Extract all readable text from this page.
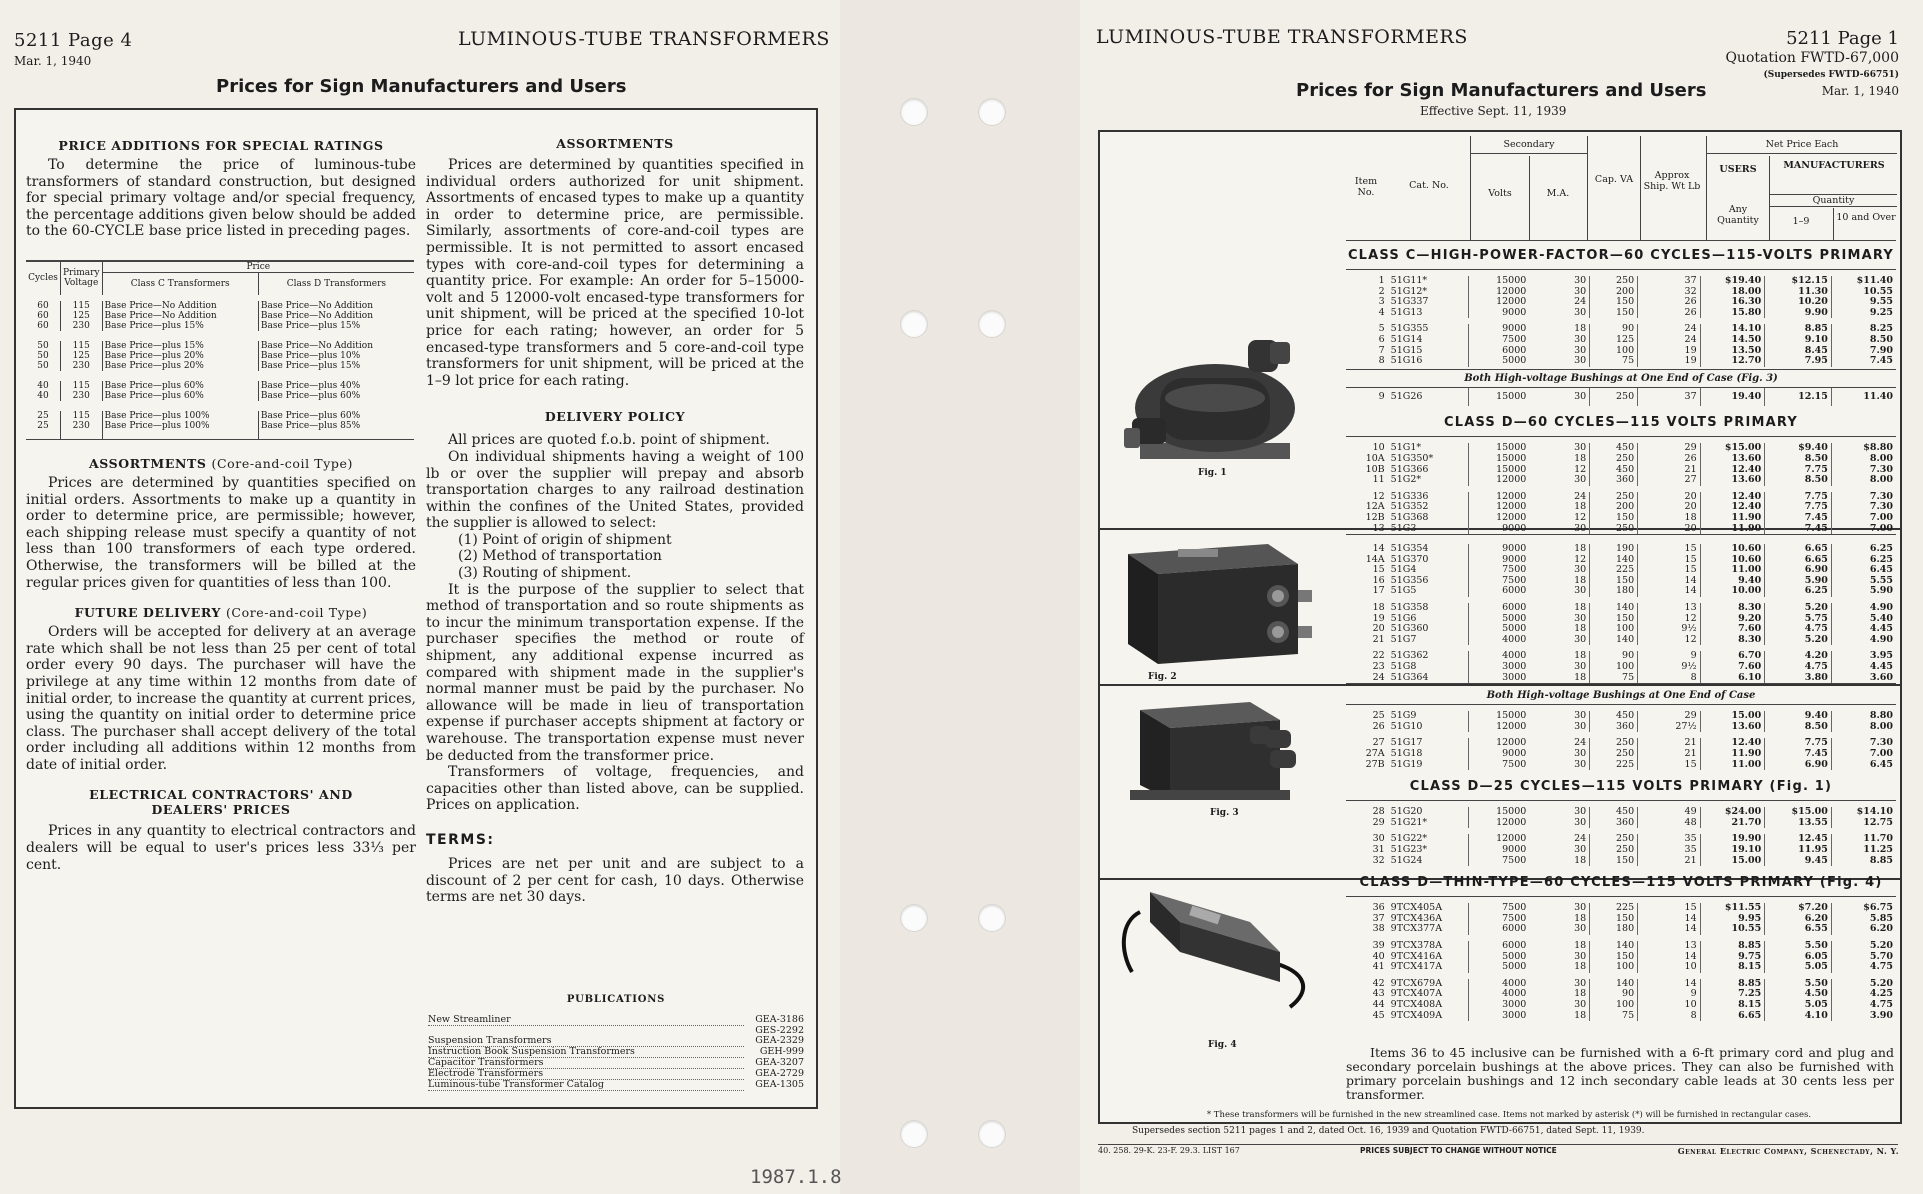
5211 Page 4
Mar. 1, 1940
LUMINOUS-TUBE TRANSFORMERS
Prices for Sign Manufacturers and Users
PRICE ADDITIONS FOR SPECIAL RATINGS

To determine the price of luminous-tube transformers of standard construction, but designed for special primary voltage and/or special frequency, the percentage additions given below should be added to the 60-CYCLE base price listed in preceding pages.

Cycles	Primary Voltage	Price	
		Class C Transformers	Class D Transformers
60	115	Base Price—No Addition	Base Price—No Addition
60	125	Base Price—No Addition	Base Price—No Addition
60	230	Base Price—plus 15%	Base Price—plus 15%
50	115	Base Price—plus 15%	Base Price—No Addition
50	125	Base Price—plus 20%	Base Price—plus 10%
50	230	Base Price—plus 20%	Base Price—plus 15%
40	115	Base Price—plus 60%	Base Price—plus 40%
40	230	Base Price—plus 60%	Base Price—plus 60%
25	115	Base Price—plus 100%	Base Price—plus 60%
25	230	Base Price—plus 100%	Base Price—plus 85%

ASSORTMENTS (Core-and-coil Type)

Prices are determined by quantities specified on initial orders. Assortments to make up a quantity in order to determine price, are permissible; however, each shipping release must specify a quantity of not less than 100 transformers of each type ordered. Otherwise, the transformers will be billed at the regular prices given for quantities of less than 100.

FUTURE DELIVERY (Core-and-coil Type)

Orders will be accepted for delivery at an average rate which shall be not less than 25 per cent of total order every 90 days. The purchaser will have the privilege at any time within 12 months from date of initial order, to increase the quantity at current prices, using the quantity on initial order to determine price class. The purchaser shall accept delivery of the total order including all additions within 12 months from date of initial order.

ELECTRICAL CONTRACTORS' AND DEALERS' PRICES

Prices in any quantity to electrical contractors and dealers will be equal to user's prices less 33⅓ per cent.

ASSORTMENTS

Prices are determined by quantities specified in individual orders authorized for unit shipment. Assortments of encased types to make up a quantity in order to determine price, are permissible. Similarly, assortments of core-and-coil types are permissible. It is not permitted to assort encased types with core-and-coil types for determining a quantity price. For example: An order for 5–15000-volt and 5 12000-volt encased-type transformers for unit shipment, will be priced at the specified 10-lot price for each rating; however, an order for 5 encased-type transformers and 5 core-and-coil type transformers for unit shipment, will be priced at the 1–9 lot price for each rating.

DELIVERY POLICY

All prices are quoted f.o.b. point of shipment.

On individual shipments having a weight of 100 lb or over the supplier will prepay and absorb transportation charges to any railroad destination within the confines of the United States, provided the supplier is allowed to select:

(1) Point of origin of shipment
(2) Method of transportation
(3) Routing of shipment.

It is the purpose of the supplier to select that method of transportation and so route shipments as to incur the minimum transportation expense. If the purchaser specifies the method or route of shipment, any additional expense incurred as compared with shipment made in the supplier's normal manner must be paid by the purchaser. No allowance will be made in lieu of transportation expense if purchaser accepts shipment at factory or warehouse. The transportation expense must never be deducted from the transformer price.

Transformers of voltage, frequencies, and capacities other than listed above, can be supplied. Prices on application.

TERMS:

Prices are net per unit and are subject to a discount of 2 per cent for cash, 10 days. Otherwise terms are net 30 days.

PUBLICATIONS
New Streamliner	GEA-3186
	GES-2292
Suspension Transformers	GEA-2329
Instruction Book Suspension Transformers	GEH-999
Capacitor Transformers	GEA-3207
Electrode Transformers	GEA-2729
Luminous-tube Transformer Catalog	GEA-1305
1987.1.8
LUMINOUS-TUBE TRANSFORMERS	5211 Page 1
Quotation FWTD-67,000
(Supersedes FWTD-66751)
Mar. 1, 1940
Prices for Sign Manufacturers and Users
Effective Sept. 11, 1939
Item No.
Cat. No.
Secondary
Volts	M.A.
Cap. VA	Approx Ship. Wt Lb
Net Price Each
USERS
Any Quantity
MANUFACTURERS
Quantity
1–9	10 and Over
Fig. 1
Fig. 2
Fig. 3
Fig. 4
CLASS C—HIGH-POWER-FACTOR—60 CYCLES—115-VOLTS PRIMARY
1	51G11*	15000	30	250	37	$19.40	$12.15	$11.40
2	51G12*	12000	30	200	32	18.00	11.30	10.55
3	51G337	12000	24	150	26	16.30	10.20	9.55
4	51G13	9000	30	150	26	15.80	9.90	9.25
5	51G355	9000	18	90	24	14.10	8.85	8.25
6	51G14	7500	30	125	24	14.50	9.10	8.50
7	51G15	6000	30	100	19	13.50	8.45	7.90
8	51G16	5000	30	75	19	12.70	7.95	7.45
Both High-voltage Bushings at One End of Case (Fig. 3)
9	51G26	15000	30	250	37	19.40	12.15	11.40
CLASS D—60 CYCLES—115 VOLTS PRIMARY
10	51G1*	15000	30	450	29	$15.00	$9.40	$8.80
10A	51G350*	15000	18	250	26	13.60	8.50	8.00
10B	51G366	15000	12	450	21	12.40	7.75	7.30
11	51G2*	12000	30	360	27	13.60	8.50	8.00
12	51G336	12000	24	250	20	12.40	7.75	7.30
12A	51G352	12000	18	200	20	12.40	7.75	7.30
12B	51G368	12000	12	150	18	11.90	7.45	7.00
13	51G3	9000	30	250	20	11.90	7.45	7.00
14	51G354	9000	18	190	15	10.60	6.65	6.25
14A	51G370	9000	12	140	15	10.60	6.65	6.25
15	51G4	7500	30	225	15	11.00	6.90	6.45
16	51G356	7500	18	150	14	9.40	5.90	5.55
17	51G5	6000	30	180	14	10.00	6.25	5.90
18	51G358	6000	18	140	13	8.30	5.20	4.90
19	51G6	5000	30	150	12	9.20	5.75	5.40
20	51G360	5000	18	100	9½	7.60	4.75	4.45
21	51G7	4000	30	140	12	8.30	5.20	4.90
22	51G362	4000	18	90	9	6.70	4.20	3.95
23	51G8	3000	30	100	9½	7.60	4.75	4.45
24	51G364	3000	18	75	8	6.10	3.80	3.60
Both High-voltage Bushings at One End of Case
25	51G9	15000	30	450	29	15.00	9.40	8.80
26	51G10	12000	30	360	27½	13.60	8.50	8.00
27	51G17	12000	24	250	21	12.40	7.75	7.30
27A	51G18	9000	30	250	21	11.90	7.45	7.00
27B	51G19	7500	30	225	15	11.00	6.90	6.45
CLASS D—25 CYCLES—115 VOLTS PRIMARY (Fig. 1)
28	51G20	15000	30	450	49	$24.00	$15.00	$14.10
29	51G21*	12000	30	360	48	21.70	13.55	12.75
30	51G22*	12000	24	250	35	19.90	12.45	11.70
31	51G23*	9000	30	250	35	19.10	11.95	11.25
32	51G24	7500	18	150	21	15.00	9.45	8.85
CLASS D—THIN-TYPE—60 CYCLES—115 VOLTS PRIMARY (Fig. 4)
36	9TCX405A	7500	30	225	15	$11.55	$7.20	$6.75
37	9TCX436A	7500	18	150	14	9.95	6.20	5.85
38	9TCX377A	6000	30	180	14	10.55	6.55	6.20
39	9TCX378A	6000	18	140	13	8.85	5.50	5.20
40	9TCX416A	5000	30	150	14	9.75	6.05	5.70
41	9TCX417A	5000	18	100	10	8.15	5.05	4.75
42	9TCX679A	4000	30	140	14	8.85	5.50	5.20
43	9TCX407A	4000	18	90	9	7.25	4.50	4.25
44	9TCX408A	3000	30	100	10	8.15	5.05	4.75
45	9TCX409A	3000	18	75	8	6.65	4.10	3.90

Items 36 to 45 inclusive can be furnished with a 6-ft primary cord and plug and secondary porcelain bushings at the above prices. They can also be furnished with primary porcelain bushings and 12 inch secondary cable leads at 30 cents less per transformer.

* These transformers will be furnished in the new streamlined case. Items not marked by asterisk (*) will be furnished in rectangular cases.
Supersedes section 5211 pages 1 and 2, dated Oct. 16, 1939 and Quotation FWTD-66751, dated Sept. 11, 1939.
40. 258. 29-K. 23-F. 29.3. LIST 167	PRICES SUBJECT TO CHANGE WITHOUT NOTICE	General Electric Company, Schenectady, N. Y.
